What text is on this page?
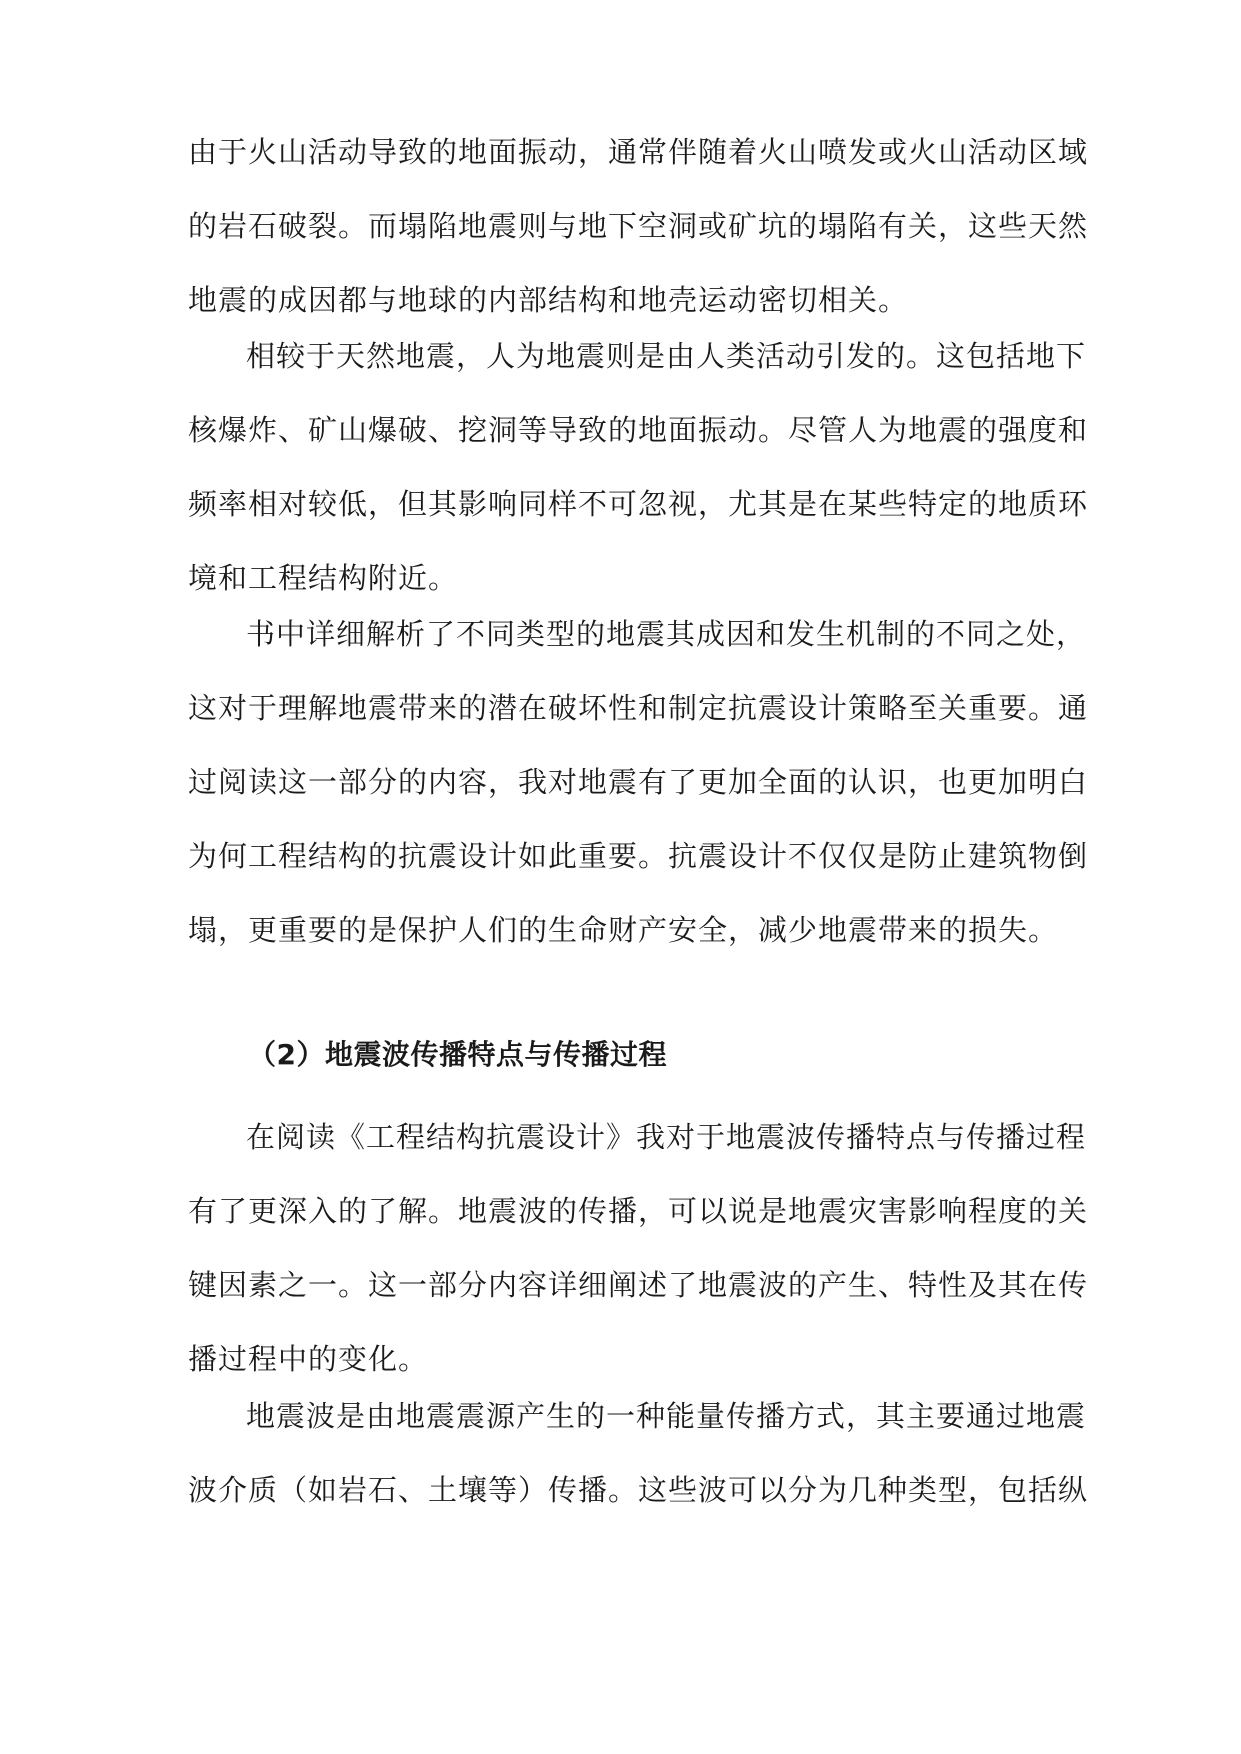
由于火山活动导致的地面振动，通常伴随着火山喷发或火山活动区域
的岩石破裂。而塌陷地震则与地下空洞或矿坑的塌陷有关，这些天然
地震的成因都与地球的内部结构和地壳运动密切相关。
相较于天然地震，人为地震则是由人类活动引发的。这包括地下
核爆炸、矿山爆破、挖洞等导致的地面振动。尽管人为地震的强度和
频率相对较低，但其影响同样不可忽视，尤其是在某些特定的地质环
境和工程结构附近。
书中详细解析了不同类型的地震其成因和发生机制的不同之处，
这对于理解地震带来的潜在破坏性和制定抗震设计策略至关重要。通
过阅读这一部分的内容，我对地震有了更加全面的认识，也更加明白
为何工程结构的抗震设计如此重要。抗震设计不仅仅是防止建筑物倒
塌，更重要的是保护人们的生命财产安全，减少地震带来的损失。
（2）地震波传播特点与传播过程
在阅读《工程结构抗震设计》我对于地震波传播特点与传播过程
有了更深入的了解。地震波的传播，可以说是地震灾害影响程度的关
键因素之一。这一部分内容详细阐述了地震波的产生、特性及其在传
播过程中的变化。
地震波是由地震震源产生的一种能量传播方式，其主要通过地震
波介质（如岩石、土壤等）传播。这些波可以分为几种类型，包括纵
